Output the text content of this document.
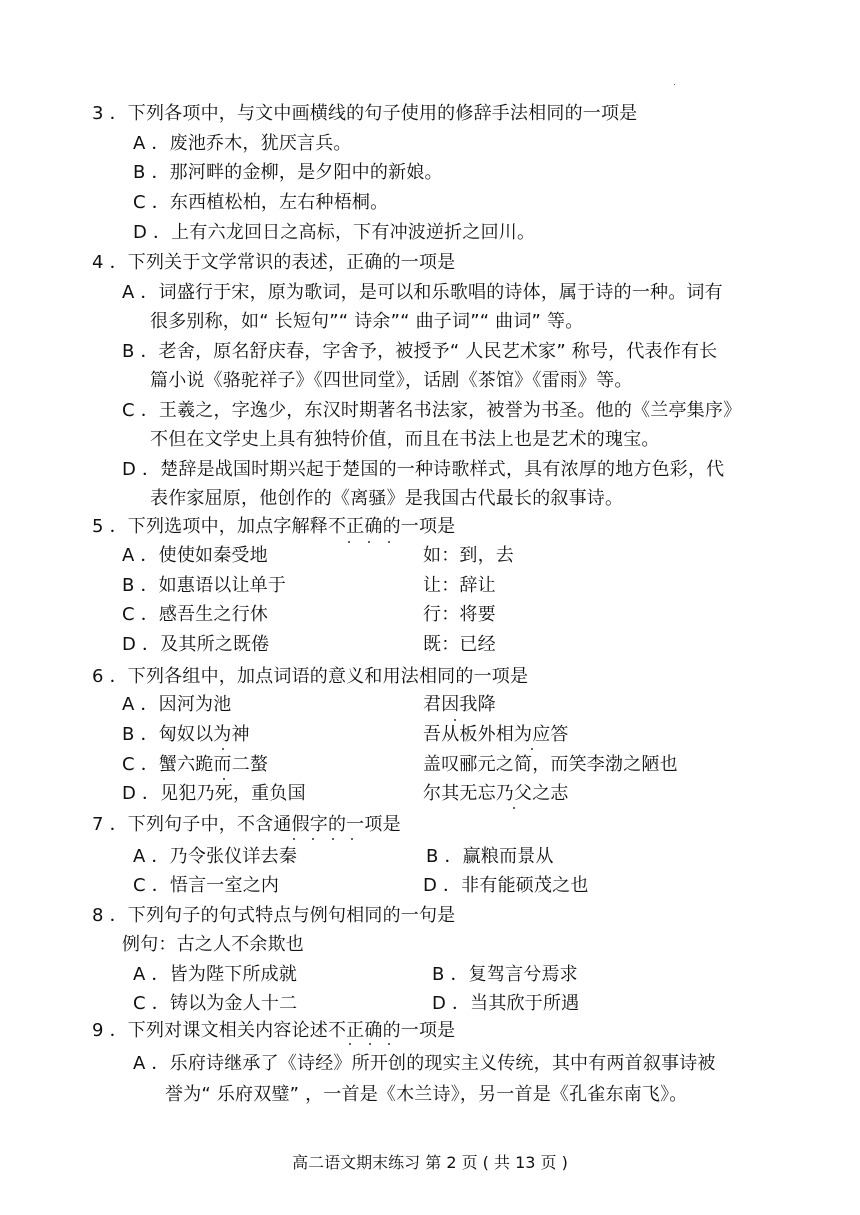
3 ．下列各项中，与文中画横线的句子使用的修辞手法相同的一项是
A ．废池乔木，犹厌言兵。
B ．那河畔的金柳，是夕阳中的新娘。
C ．东西植松柏，左右种梧桐。
D ．上有六龙回日之高标，下有冲波逆折之回川。
4 ．下列关于文学常识的表述，正确的一项是
A ．词盛行于宋，原为歌词，是可以和乐歌唱的诗体，属于诗的一种。词有
很多别称，如“ 长短句”“ 诗余”“ 曲子词”“ 曲词” 等。
B ．老舍，原名舒庆春，字舍予，被授予“ 人民艺术家” 称号，代表作有长
篇小说《骆驼祥子》《四世同堂》，话剧《茶馆》《雷雨》等。
C ．王羲之，字逸少，东汉时期著名书法家，被誉为书圣。他的《兰亭集序》
不但在文学史上具有独特价值，而且在书法上也是艺术的瑰宝。
D ．楚辞是战国时期兴起于楚国的一种诗歌样式，具有浓厚的地方色彩，代
表作家屈原，他创作的《离骚》是我国古代最长的叙事诗。
5 ．下列选项中，加点字解释不正确的一项是
A ．使使如秦受地	如：到，去
B ．如惠语以让单于	让：辞让
C ．感吾生之行休	行：将要
D ．及其所之既倦	既：已经
6 ．下列各组中，加点词语的意义和用法相同的一项是
A ．因河为池	君因我降
B ．匈奴以为神	吾从板外相为应答
C ．蟹六跪而二螯	盖叹郦元之简，而笑李渤之陋也
D ．见犯乃死，重负国	尔其无忘乃父之志
7 ．下列句子中，不含通假字的一项是
A ．乃令张仪详去秦	B ．赢粮而景从
C ．悟言一室之内	D ．非有能硕茂之也
8 ．下列句子的句式特点与例句相同的一句是
例句：古之人不余欺也
A ．皆为陛下所成就	B ．复驾言兮焉求
C ．铸以为金人十二	D ．当其欣于所遇
9 ．下列对课文相关内容论述不正确的一项是
A ．乐府诗继承了《诗经》所开创的现实主义传统，其中有两首叙事诗被
誉为“ 乐府双璧” ，一首是《木兰诗》，另一首是《孔雀东南飞》。
高二语文期末练习 第 2 页 ( 共 13 页 )
